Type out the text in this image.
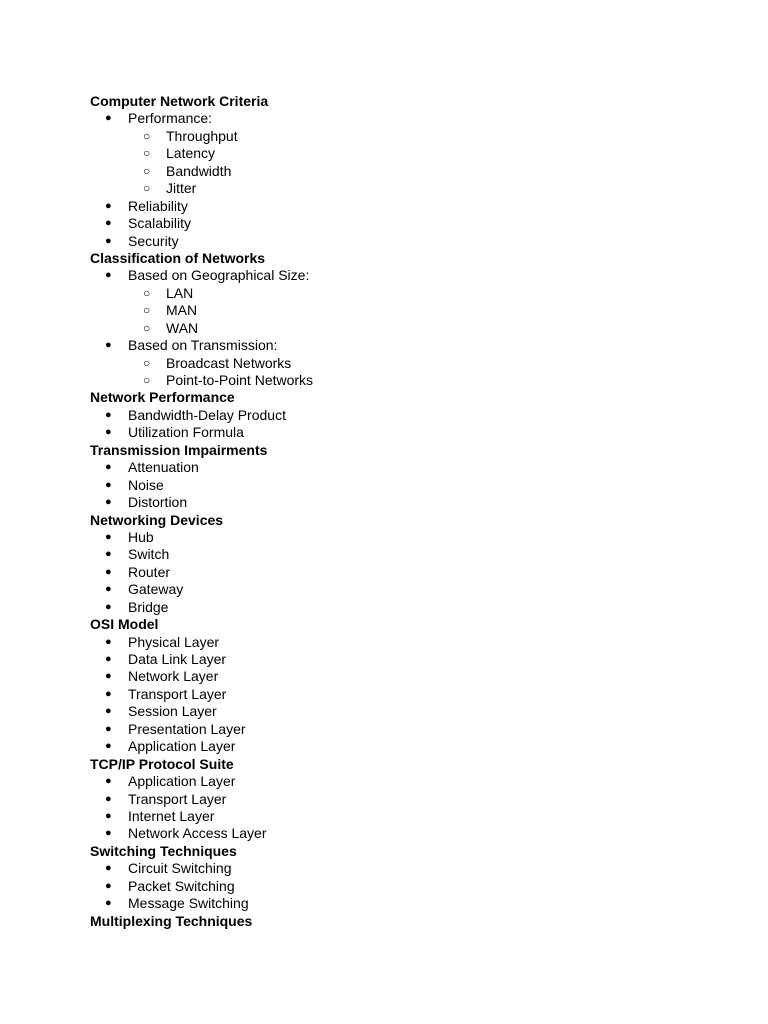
Computer Network Criteria
● Performance:
○ Throughput
○ Latency
○ Bandwidth
○ Jitter
● Reliability
● Scalability
● Security
Classification of Networks
● Based on Geographical Size:
○ LAN
○ MAN
○ WAN
● Based on Transmission:
○ Broadcast Networks
○ Point-to-Point Networks
Network Performance
● Bandwidth-Delay Product
● Utilization Formula
Transmission Impairments
● Attenuation
● Noise
● Distortion
Networking Devices
● Hub
● Switch
● Router
● Gateway
● Bridge
OSI Model
● Physical Layer
● Data Link Layer
● Network Layer
● Transport Layer
● Session Layer
● Presentation Layer
● Application Layer
TCP/IP Protocol Suite
● Application Layer
● Transport Layer
● Internet Layer
● Network Access Layer
Switching Techniques
● Circuit Switching
● Packet Switching
● Message Switching
Multiplexing Techniques
